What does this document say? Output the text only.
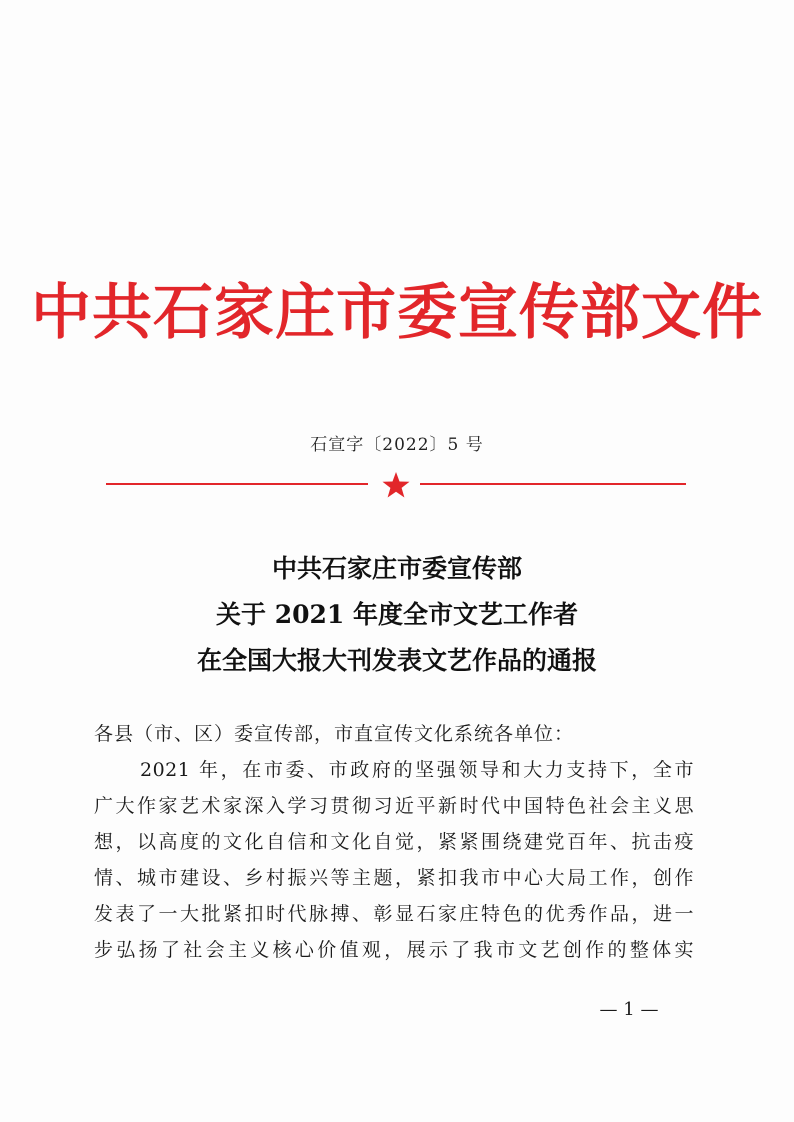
中共石家庄市委宣传部文件
石宣字〔2022〕5 号
中共石家庄市委宣传部
关于 2021 年度全市文艺工作者
在全国大报大刊发表文艺作品的通报
各县（市、区）委宣传部，市直宣传文化系统各单位：
2021 年，在市委、市政府的坚强领导和大力支持下，全市
广大作家艺术家深入学习贯彻习近平新时代中国特色社会主义思
想，以高度的文化自信和文化自觉，紧紧围绕建党百年、抗击疫
情、城市建设、乡村振兴等主题，紧扣我市中心大局工作，创作
发表了一大批紧扣时代脉搏、彰显石家庄特色的优秀作品，进一
步弘扬了社会主义核心价值观，展示了我市文艺创作的整体实
— 1 —
